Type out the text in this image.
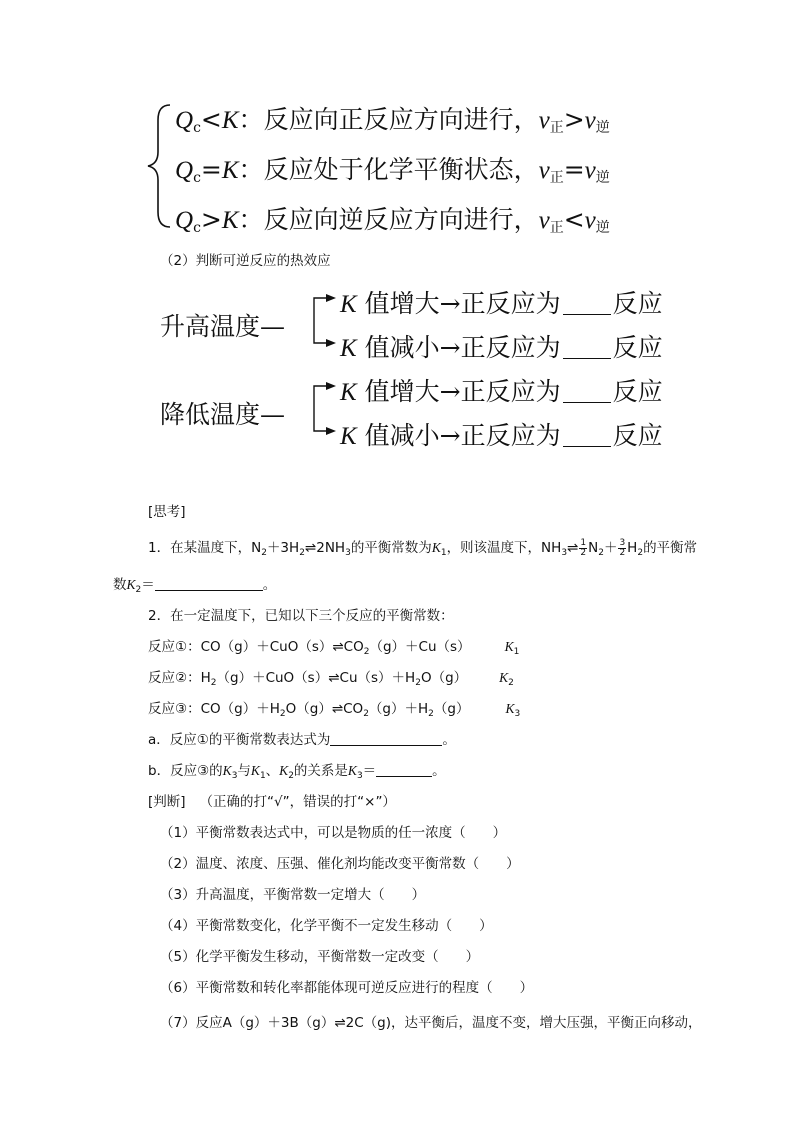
$Q_c<K$：反应向正反应方向进行，$v_正>v_逆$
$Q_c=K$：反应处于化学平衡状态，$v_正=v_逆$
$Q_c>K$：反应向逆反应方向进行，$v_正<v_逆$
（2）判断可逆反应的热效应
升高温度—
K 值增大→正反应为 反应
K 值减小→正反应为 反应
降低温度—
K 值增大→正反应为 反应
K 值减小→正反应为 反应
[思考]
1．在某温度下，$N_2+3H_2\rightleftharpoons 2NH_3$的平衡常数为$K_1$，则该温度下，$NH_3\rightleftharpoons \frac{1}{2} N_2+ \frac{3}{2} H_2$的平衡常
数$K_2=$	。
2．在一定温度下，已知以下三个反应的平衡常数：
反应①：$CO(g)+CuO(s)\rightleftharpoons CO_2(g)+Cu(s)$	$K_1$
反应②：$H_2(g)+CuO(s)\rightleftharpoons Cu(s)+H_2O(g)$ $K_2$
反应③：$CO(g)+H_2O(g)\rightleftharpoons CO_2(g)+H_2(g)$	$K_3$
a．反应①的平衡常数表达式为	。
b．反应③的$K_3$与$K_1$、$K_2$的关系是$K_3=$	。
[判断] （正确的打“√”，错误的打“×”）
（1）平衡常数表达式中，可以是物质的任一浓度（　　）
（2）温度、浓度、压强、催化剂均能改变平衡常数（　　）
（3）升高温度，平衡常数一定增大（　　）
（4）平衡常数变化，化学平衡不一定发生移动（　　）
（5）化学平衡发生移动，平衡常数一定改变（　　）
（6）平衡常数和转化率都能体现可逆反应进行的程度（　　）
（7）反应A（g）＋3B（g）⇌2C（g)，达平衡后，温度不变，增大压强，平衡正向移动，
